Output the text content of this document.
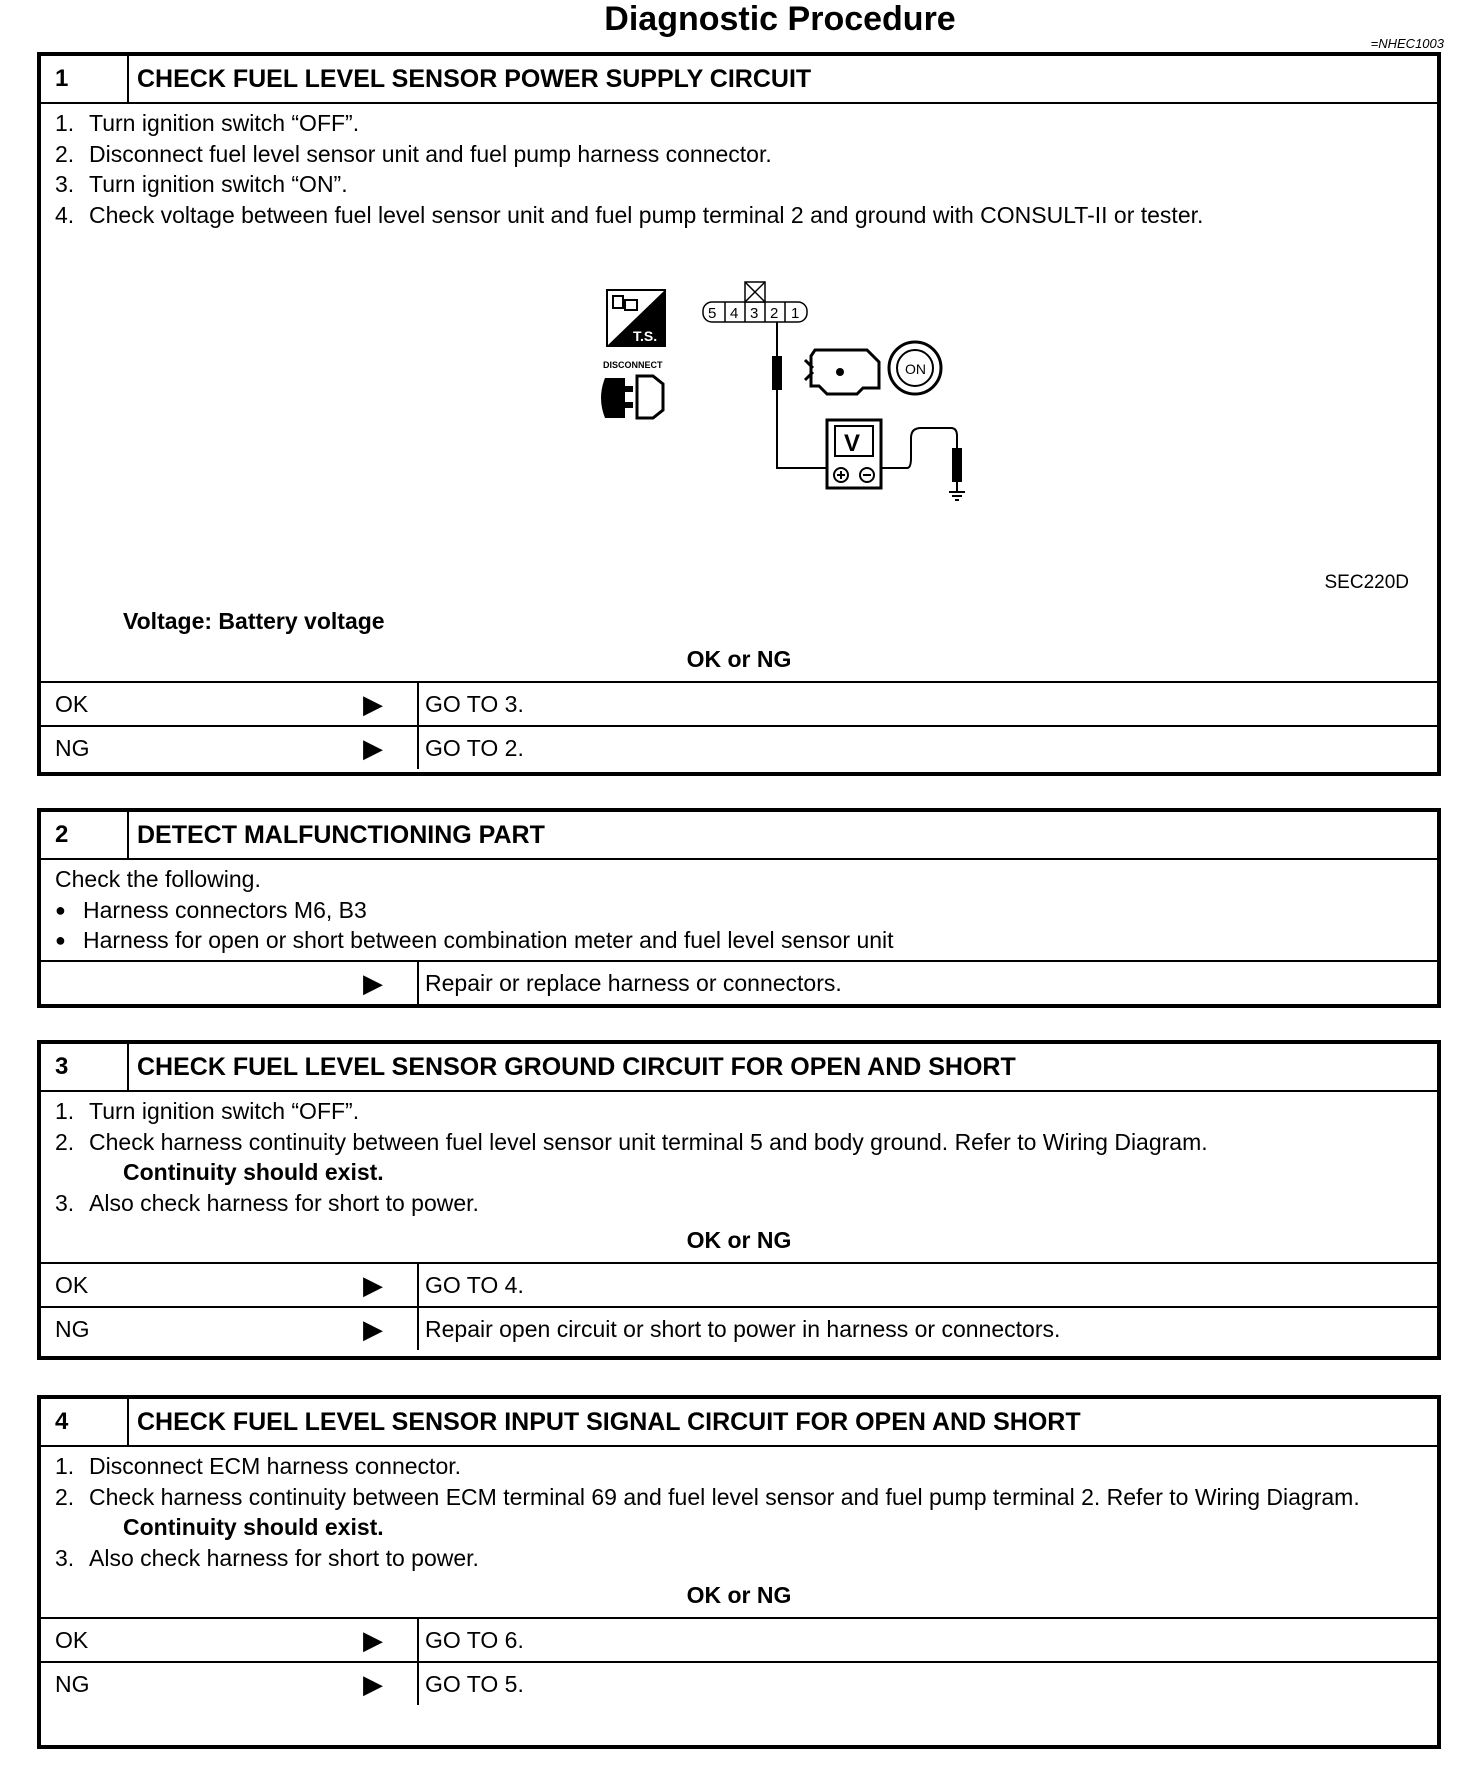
Diagnostic Procedure
=NHEC1003
1	CHECK FUEL LEVEL SENSOR POWER SUPPLY CIRCUIT
1. Turn ignition switch “OFF”.
2. Disconnect fuel level sensor unit and fuel pump harness connector.
3. Turn ignition switch “ON”.
4. Check voltage between fuel level sensor unit and fuel pump terminal 2 and ground with CONSULT-II or tester.
T.S.
DISCONNECT
5 4 3 2 1
ON
V
SEC220D
Voltage: Battery voltage
OK or NG
OK	▶ GO TO 3.
NG	▶ GO TO 2.
2	DETECT MALFUNCTIONING PART
Check the following.
● Harness connectors M6, B3
● Harness for open or short between combination meter and fuel level sensor unit
▶ Repair or replace harness or connectors.
3	CHECK FUEL LEVEL SENSOR GROUND CIRCUIT FOR OPEN AND SHORT
1. Turn ignition switch “OFF”.
2. Check harness continuity between fuel level sensor unit terminal 5 and body ground. Refer to Wiring Diagram.
Continuity should exist.
3. Also check harness for short to power.
OK or NG
OK	▶ GO TO 4.
NG	▶ Repair open circuit or short to power in harness or connectors.
4	CHECK FUEL LEVEL SENSOR INPUT SIGNAL CIRCUIT FOR OPEN AND SHORT
1. Disconnect ECM harness connector.
2. Check harness continuity between ECM terminal 69 and fuel level sensor and fuel pump terminal 2. Refer to Wiring Diagram.
Continuity should exist.
3. Also check harness for short to power.
OK or NG
OK	▶ GO TO 6.
NG	▶ GO TO 5.
